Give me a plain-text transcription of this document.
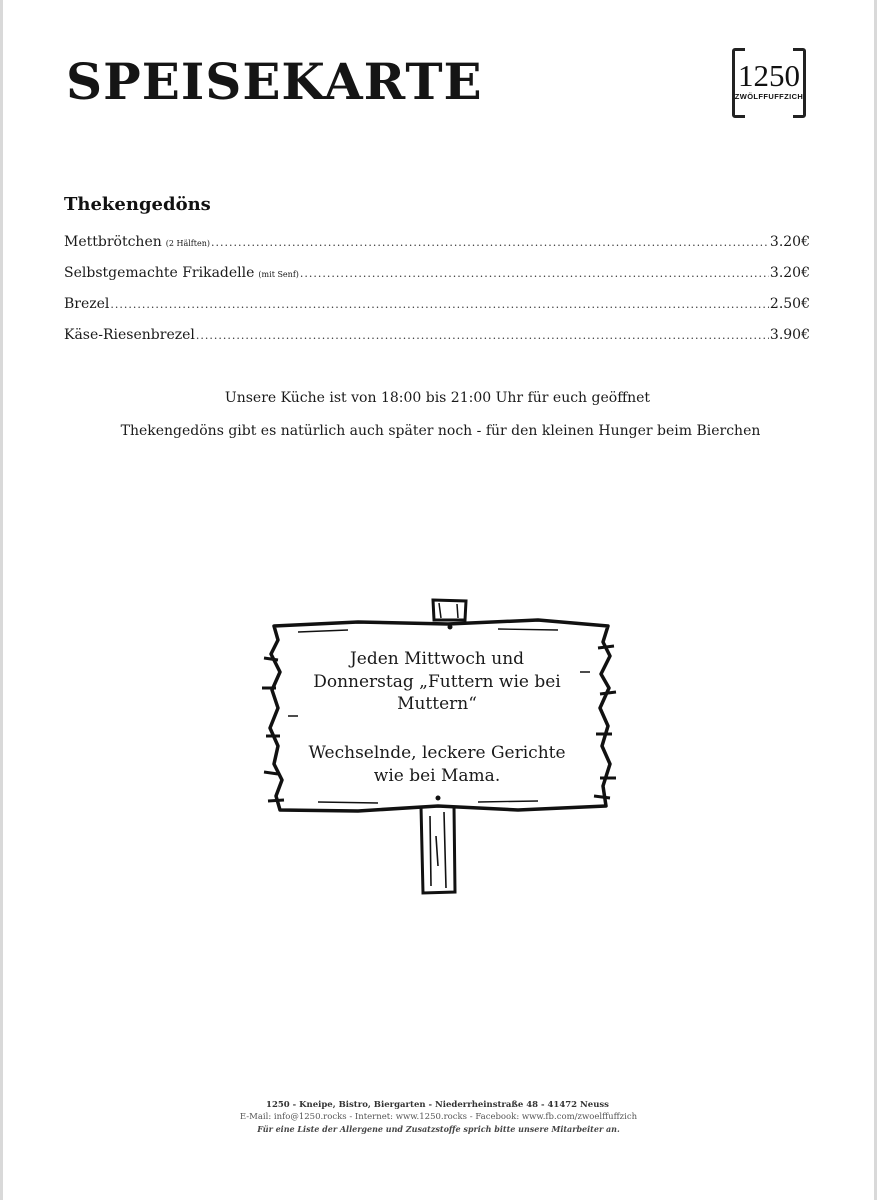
SPEISEKARTE	1250
ZWÖLFFUFFZICH
Thekengedöns
Mettbrötchen (2 Hälften) .....	3.20€
Selbstgemachte Frikadelle (mit Senf) .....	3.20€
Brezel .....	2.50€
Käse-Riesenbrezel .....	3.90€
Unsere Küche ist von 18:00 bis 21:00 Uhr für euch geöffnet
Thekengedöns gibt es natürlich auch später noch - für den kleinen Hunger beim Bierchen
Jeden Mittwoch und Donnerstag „Futtern wie bei Muttern“
Wechselnde, leckere Gerichte wie bei Mama.
1250 - Kneipe, Bistro, Biergarten - Niederrheinstraße 48 - 41472 Neuss
E-Mail: info@1250.rocks - Internet: www.1250.rocks - Facebook: www.fb.com/zwoelffuffzich
Für eine Liste der Allergene und Zusatzstoffe sprich bitte unsere Mitarbeiter an.
